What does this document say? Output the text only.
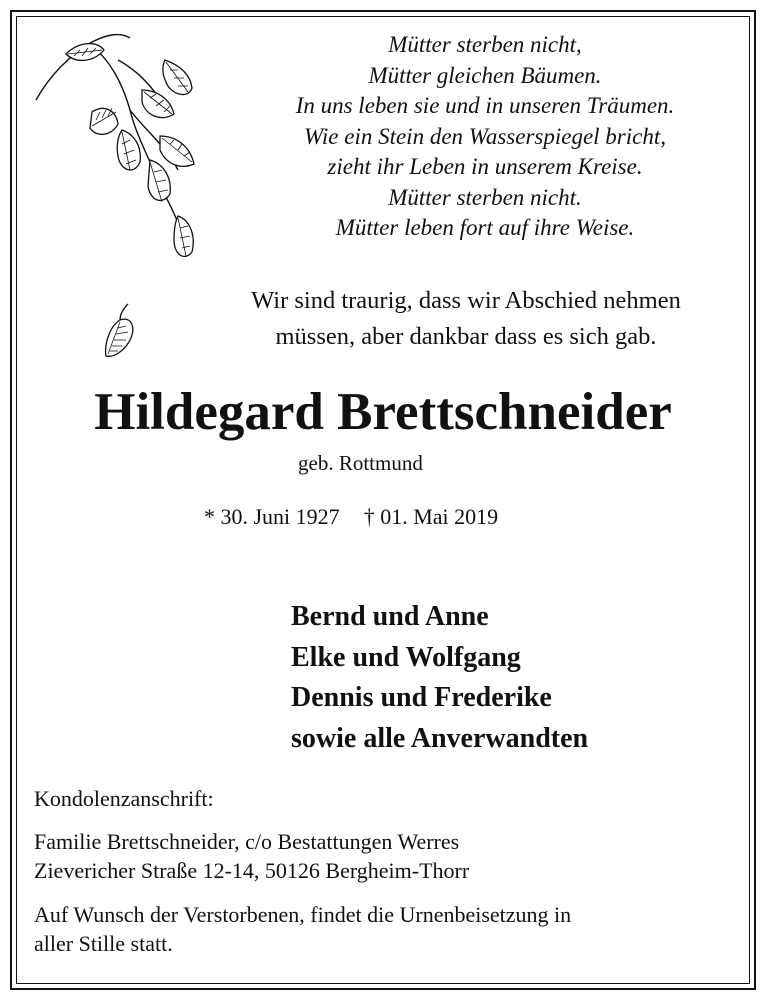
Mütter sterben nicht,
Mütter gleichen Bäumen.
In uns leben sie und in unseren Träumen.
Wie ein Stein den Wasserspiegel bricht,
zieht ihr Leben in unserem Kreise.
Mütter sterben nicht.
Mütter leben fort auf ihre Weise.
Wir sind traurig, dass wir Abschied nehmen
müssen, aber dankbar dass es sich gab.
Hildegard Brettschneider
geb. Rottmund
* 30. Juni 1927 † 01. Mai 2019
Bernd und Anne
Elke und Wolfgang
Dennis und Frederike
sowie alle Anverwandten
Kondolenzanschrift:
Familie Brettschneider, c/o Bestattungen Werres
Zievericher Straße 12-14, 50126 Bergheim-Thorr
Auf Wunsch der Verstorbenen, findet die Urnenbeisetzung in
aller Stille statt.
